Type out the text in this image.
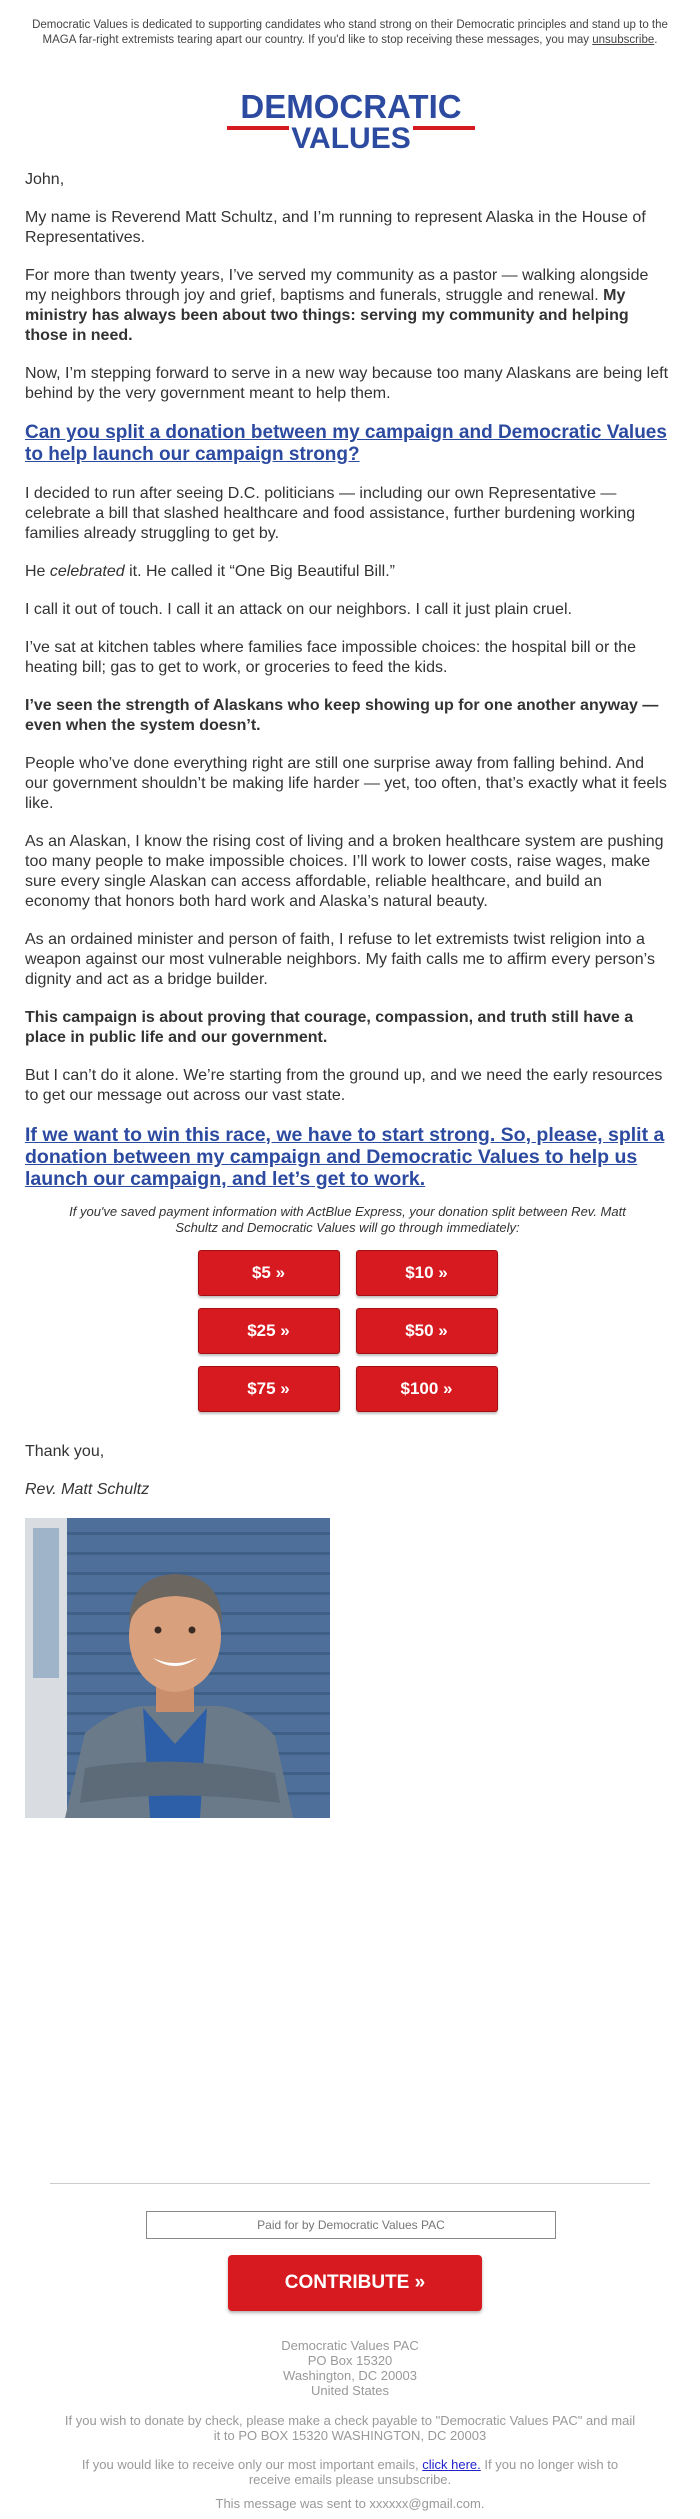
Democratic Values is dedicated to supporting candidates who stand strong on their Democratic principles and stand up to the MAGA far-right extremists tearing apart our country. If you'd like to stop receiving these messages, you may unsubscribe.
DEMOCRATIC
VALUES

John,

My name is Reverend Matt Schultz, and I’m running to represent Alaska in the House of Representatives.

For more than twenty years, I’ve served my community as a pastor — walking alongside my neighbors through joy and grief, baptisms and funerals, struggle and renewal. My ministry has always been about two things: serving my community and helping those in need.

Now, I’m stepping forward to serve in a new way because too many Alaskans are being left behind by the very government meant to help them.

Can you split a donation between my campaign and Democratic Values to help launch our campaign strong?

I decided to run after seeing D.C. politicians — including our own Representative — celebrate a bill that slashed healthcare and food assistance, further burdening working families already struggling to get by.

He celebrated it. He called it “One Big Beautiful Bill.”

I call it out of touch. I call it an attack on our neighbors. I call it just plain cruel.

I’ve sat at kitchen tables where families face impossible choices: the hospital bill or the heating bill; gas to get to work, or groceries to feed the kids.

I’ve seen the strength of Alaskans who keep showing up for one another anyway — even when the system doesn’t.

People who’ve done everything right are still one surprise away from falling behind. And our government shouldn’t be making life harder — yet, too often, that’s exactly what it feels like.

As an Alaskan, I know the rising cost of living and a broken healthcare system are pushing too many people to make impossible choices. I’ll work to lower costs, raise wages, make sure every single Alaskan can access affordable, reliable healthcare, and build an economy that honors both hard work and Alaska’s natural beauty.

As an ordained minister and person of faith, I refuse to let extremists twist religion into a weapon against our most vulnerable neighbors. My faith calls me to affirm every person’s dignity and act as a bridge builder.

This campaign is about proving that courage, compassion, and truth still have a place in public life and our government.

But I can’t do it alone. We’re starting from the ground up, and we need the early resources to get our message out across our vast state.

If we want to win this race, we have to start strong. So, please, split a donation between my campaign and Democratic Values to help us launch our campaign, and let’s get to work.
If you've saved payment information with ActBlue Express, your donation split between Rev. Matt Schultz and Democratic Values will go through immediately:
$5 »	$10 »
$25 »	$50 »
$75 »	$100 »

Thank you,

Rev. Matt Schultz

Paid for by Democratic Values PAC
CONTRIBUTE »
Democratic Values PAC
PO Box 15320
Washington, DC 20003
United States
If you wish to donate by check, please make a check payable to "Democratic Values PAC" and mail it to PO BOX 15320 WASHINGTON, DC 20003
If you would like to receive only our most important emails, click here. If you no longer wish to receive emails please unsubscribe.
This message was sent to xxxxxx@gmail.com.
